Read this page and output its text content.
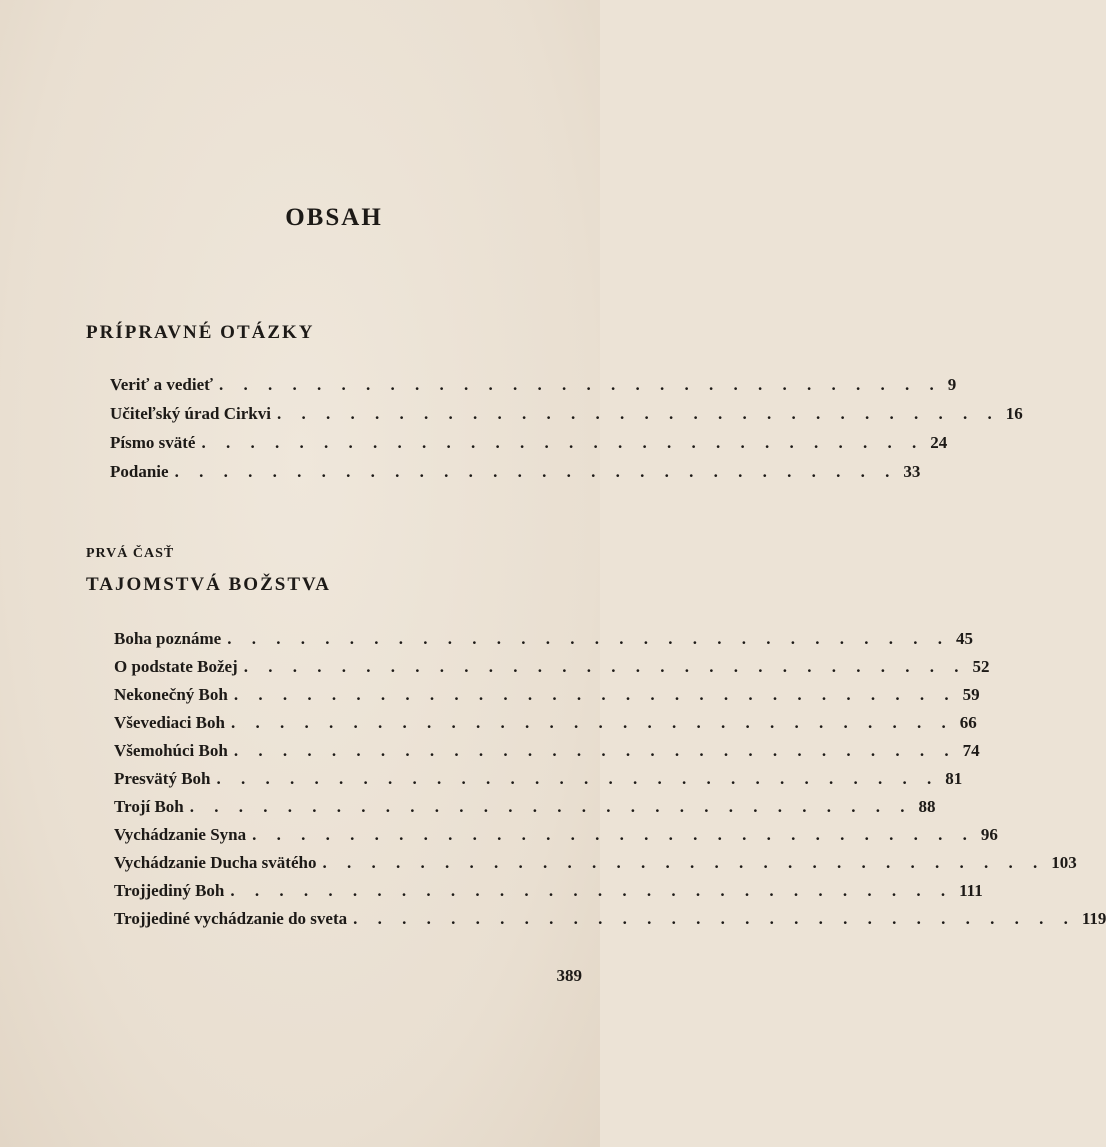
OBSAH
PRÍPRAVNÉ OTÁZKY
Veriť a vedieť . . . . . . . . . . . . . . . . . . . . . . . . . . . . . . 9
Učiteľský úrad Cirkvi . . . . . . . . . . . . . . . . . . . . . . . . . . . . . . 16
Písmo sväté . . . . . . . . . . . . . . . . . . . . . . . . . . . . . . 24
Podanie . . . . . . . . . . . . . . . . . . . . . . . . . . . . . . 33
PRVÁ ČASŤ
TAJOMSTVÁ BOŽSTVA
Boha poznáme . . . . . . . . . . . . . . . . . . . . . . . . . . . . . . 45
O podstate Božej . . . . . . . . . . . . . . . . . . . . . . . . . . . . . . 52
Nekonečný Boh . . . . . . . . . . . . . . . . . . . . . . . . . . . . . . 59
Vševediaci Boh . . . . . . . . . . . . . . . . . . . . . . . . . . . . . . 66
Všemohúci Boh . . . . . . . . . . . . . . . . . . . . . . . . . . . . . . 74
Presvätý Boh . . . . . . . . . . . . . . . . . . . . . . . . . . . . . . 81
Trojí Boh . . . . . . . . . . . . . . . . . . . . . . . . . . . . . . 88
Vychádzanie Syna . . . . . . . . . . . . . . . . . . . . . . . . . . . . . . 96
Vychádzanie Ducha svätého . . . . . . . . . . . . . . . . . . . . . . . . . . . . . . 103
Trojjediný Boh . . . . . . . . . . . . . . . . . . . . . . . . . . . . . . 111
Trojjediné vychádzanie do sveta . . . . . . . . . . . . . . . . . . . . . . . . . . . . . . 119
389
